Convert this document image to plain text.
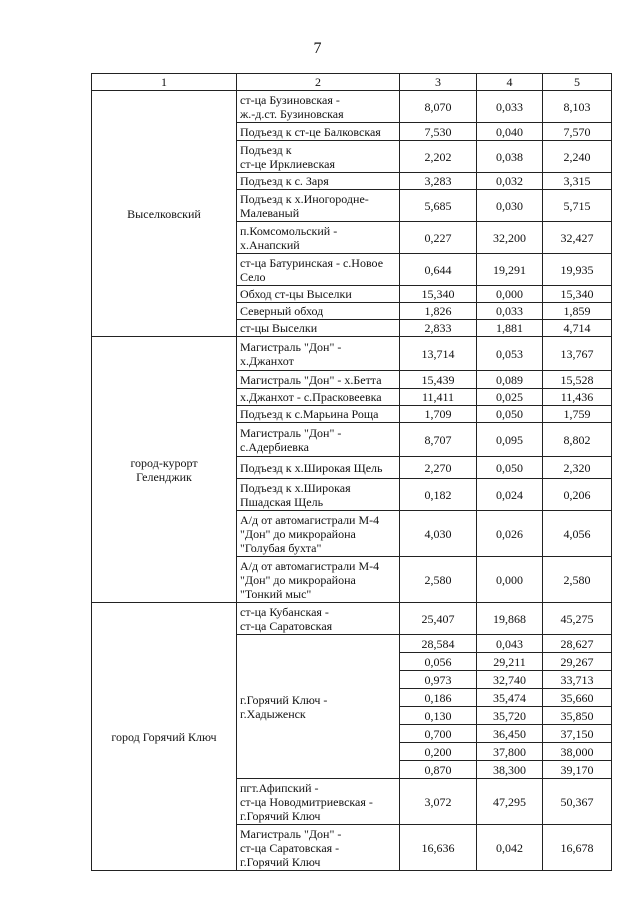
7
1	2	3	4	5
Выселковский	ст-ца Бузиновская -
ж.-д.ст. Бузиновская	8,070	0,033	8,103

	Подъезд к ст-це Балковская	7,530	0,040	7,570

	Подъезд к
ст-це Ирклиевская	2,202	0,038	2,240

	Подъезд к с. Заря	3,283	0,032	3,315

	Подъезд к х.Иногородне-
Малеваный	5,685	0,030	5,715

	п.Комсомольский -
х.Анапский	0,227	32,200	32,427

	ст-ца Батуринская - с.Новое
Село	0,644	19,291	19,935

	Обход ст-цы Выселки	15,340	0,000	15,340

	Северный обход	1,826	0,033	1,859

	ст-цы Выселки	2,833	1,881	4,714
город-курорт
Геленджик	Магистраль "Дон" -
х.Джанхот	13,714	0,053	13,767

	Магистраль "Дон" - х.Бетта	15,439	0,089	15,528

	х.Джанхот - с.Прасковеевка	11,411	0,025	11,436

	Подъезд к с.Марьина Роща	1,709	0,050	1,759

	Магистраль "Дон" -
с.Адербиевка	8,707	0,095	8,802

	Подъезд к х.Широкая Щель	2,270	0,050	2,320

	Подъезд к х.Широкая
Пшадская Щель	0,182	0,024	0,206

	А/д от автомагистрали М-4
"Дон" до микрорайона
"Голубая бухта"	4,030	0,026	4,056

	А/д от автомагистрали М-4
"Дон" до микрорайона
"Тонкий мыс"	2,580	0,000	2,580
город Горячий Ключ	ст-ца Кубанская -
ст-ца Саратовская	25,407	19,868	45,275

	г.Горячий Ключ -
г.Хадыженск	28,584	0,043	28,627
		0,056	29,211	29,267
		0,973	32,740	33,713
		0,186	35,474	35,660
		0,130	35,720	35,850
		0,700	36,450	37,150
		0,200	37,800	38,000
		0,870	38,300	39,170

	пгт.Афипский -
ст-ца Новодмитриевская -
г.Горячий Ключ	3,072	47,295	50,367

	Магистраль "Дон" -
ст-ца Саратовская -
г.Горячий Ключ	16,636	0,042	16,678
